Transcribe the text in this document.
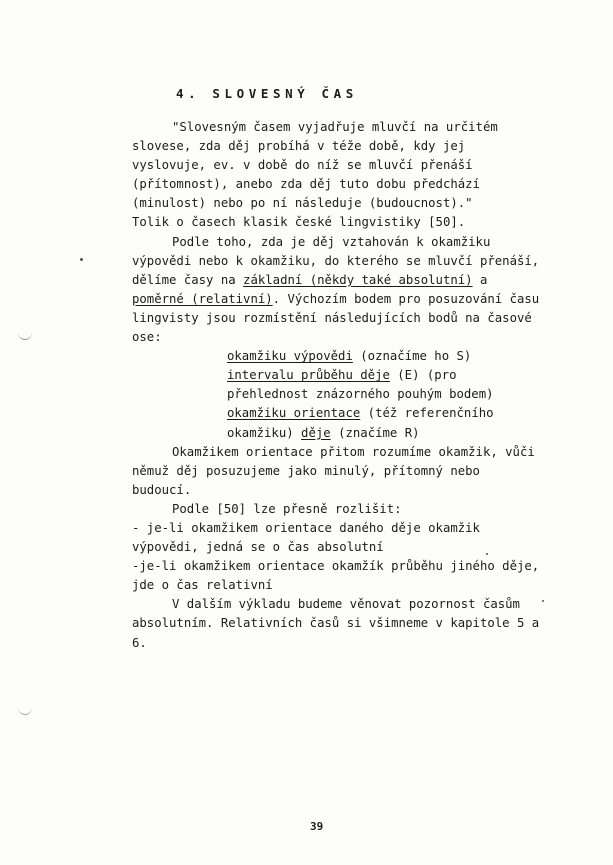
4. SLOVESNÝ ČAS
"Slovesným časem vyjadřuje mluvčí na určitém
slovese, zda děj probíhá v téže době, kdy jej
vyslovuje, ev. v době do níž se mluvčí přenáší
(přítomnost), anebo zda děj tuto dobu předchází
(minulost) nebo po ní následuje (budoucnost)."
Tolik o časech klasik české lingvistiky [50].
Podle toho, zda je děj vztahován k okamžiku
výpovědi nebo k okamžiku, do kterého se mluvčí přenáší,
dělíme časy na základní (někdy také absolutní) a
poměrné (relativní). Výchozím bodem pro posuzování času
lingvisty jsou rozmístění následujících bodů na časové
ose:
okamžiku výpovědi (označíme ho S)
intervalu průběhu děje (E) (pro
přehlednost znázorného pouhým bodem)
okamžiku orientace (též referenčního
okamžiku) děje (značíme R)
Okamžikem orientace přitom rozumíme okamžik, vůči
němuž děj posuzujeme jako minulý, přítomný nebo
budoucí.
Podle [50] lze přesně rozlišit:
- je-li okamžikem orientace daného děje okamžik
výpovědi, jedná se o čas absolutní
-je-li okamžikem orientace okamžík průběhu jiného děje,
jde o čas relativní
V dalším výkladu budeme věnovat pozornost časům
absolutním. Relativních časů si všimneme v kapitole 5 a
6.
39
